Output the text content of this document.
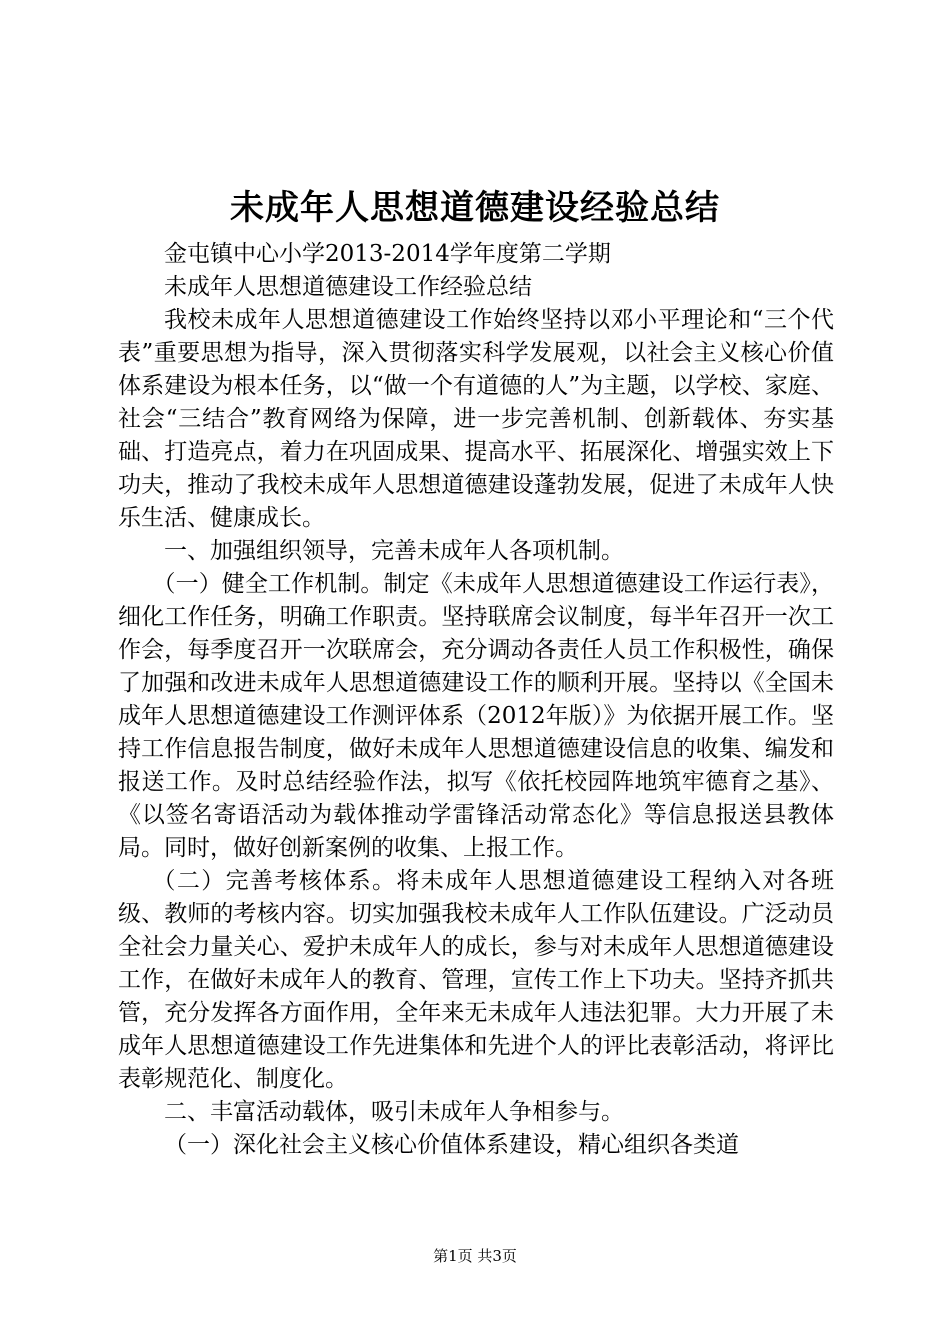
未成年人思想道德建设经验总结

金屯镇中心小学2013-2014学年度第二学期

未成年人思想道德建设工作经验总结

我校未成年人思想道德建设工作始终坚持以邓小平理论和“三个代表”重要思想为指导，深入贯彻落实科学发展观，以社会主义核心价值体系建设为根本任务，以“做一个有道德的人”为主题，以学校、家庭、社会“三结合”教育网络为保障，进一步完善机制、创新载体、夯实基础、打造亮点，着力在巩固成果、提高水平、拓展深化、增强实效上下功夫，推动了我校未成年人思想道德建设蓬勃发展，促进了未成年人快乐生活、健康成长。

一、加强组织领导，完善未成年人各项机制。

（一）健全工作机制。制定《未成年人思想道德建设工作运行表》，细化工作任务，明确工作职责。坚持联席会议制度，每半年召开一次工作会，每季度召开一次联席会，充分调动各责任人员工作积极性，确保了加强和改进未成年人思想道德建设工作的顺利开展。坚持以《全国未成年人思想道德建设工作测评体系（2012年版）》为依据开展工作。坚持工作信息报告制度，做好未成年人思想道德建设信息的收集、编发和报送工作。及时总结经验作法，拟写《依托校园阵地筑牢德育之基》、《以签名寄语活动为载体推动学雷锋活动常态化》等信息报送县教体局。同时，做好创新案例的收集、上报工作。

（二）完善考核体系。将未成年人思想道德建设工程纳入对各班级、教师的考核内容。切实加强我校未成年人工作队伍建设。广泛动员全社会力量关心、爱护未成年人的成长，参与对未成年人思想道德建设工作，在做好未成年人的教育、管理，宣传工作上下功夫。坚持齐抓共管，充分发挥各方面作用，全年来无未成年人违法犯罪。大力开展了未成年人思想道德建设工作先进集体和先进个人的评比表彰活动，将评比表彰规范化、制度化。

二、丰富活动载体，吸引未成年人争相参与。

（一）深化社会主义核心价值体系建设，精心组织各类道

第1页 共3页
